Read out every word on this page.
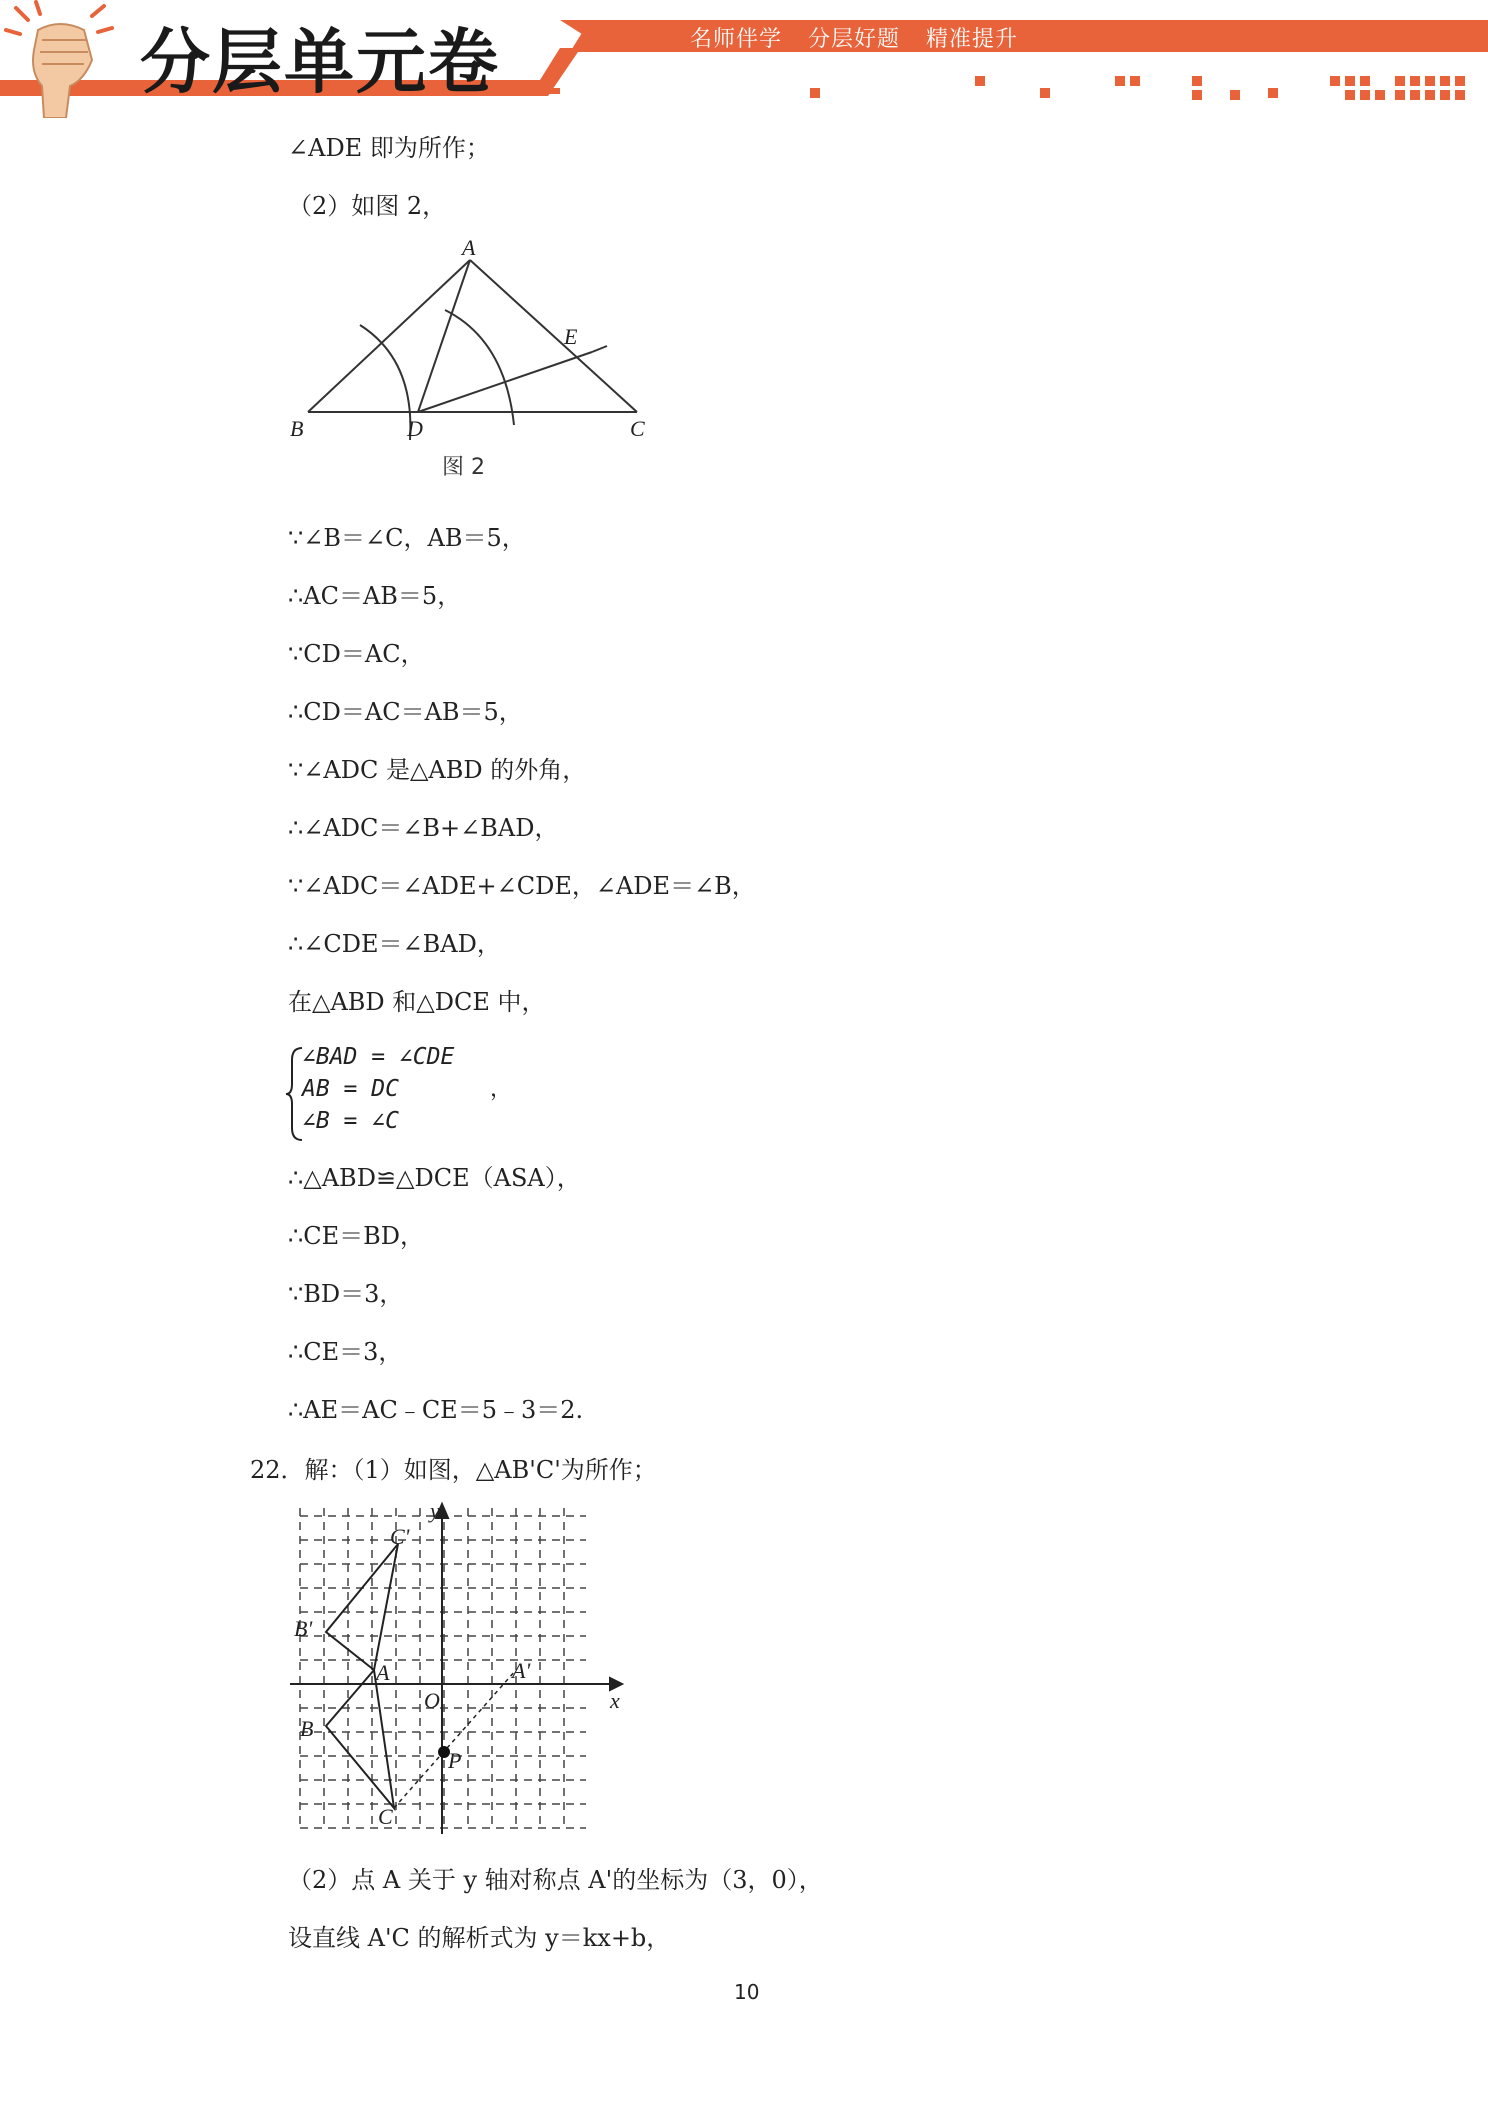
分层单元卷	名师伴学 分层好题 精准提升
∠ADE 即为所作；
（2）如图 2，
A
B	D	C
E
图 2
∵∠B＝∠C，AB＝5，
∴AC＝AB＝5，
∵CD＝AC，
∴CD＝AC＝AB＝5，
∵∠ADC 是△ABD 的外角，
∴∠ADC＝∠B+∠BAD，
∵∠ADC＝∠ADE+∠CDE，∠ADE＝∠B，
∴∠CDE＝∠BAD，
在△ABD 和△DCE 中，
∠BAD = ∠CDE
AB = DC
∠B = ∠C
，
∴△ABD≌△DCE（ASA），
∴CE＝BD，
∵BD＝3，
∴CE＝3，
∴AE＝AC﹣CE＝5﹣3＝2.
22．解：（1）如图，△AB'C'为所作；
y
x
O
A	A'
B
B'
C'
C
P
（2）点 A 关于 y 轴对称点 A'的坐标为（3，0），
设直线 A'C 的解析式为 y＝kx+b，
10
